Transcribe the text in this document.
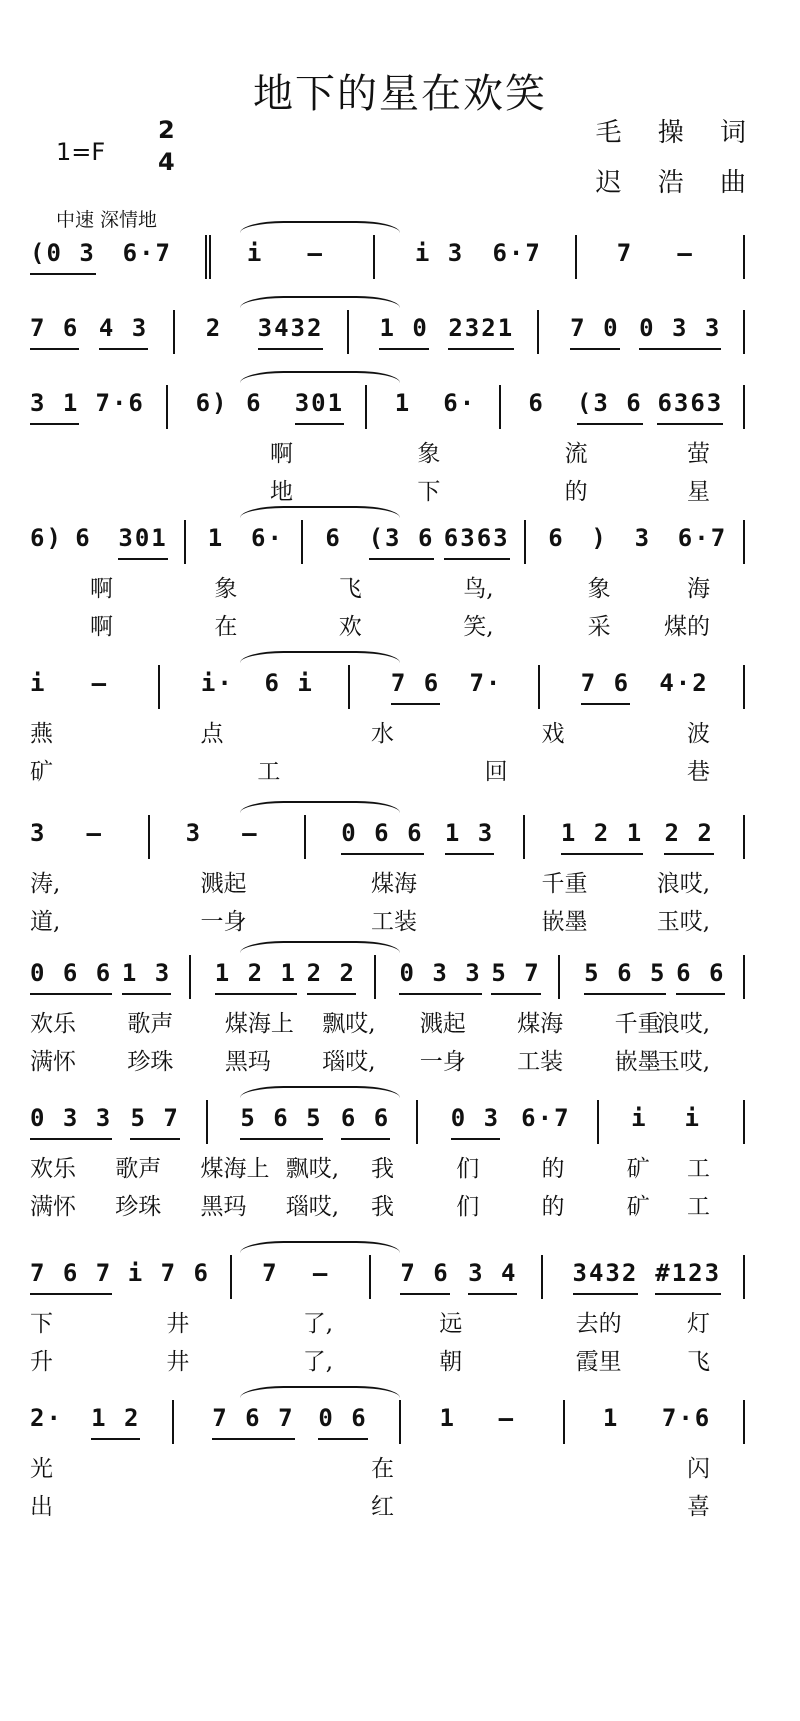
地下的星在欢笑
1=F
2
4
中速 深情地
毛 操 词
迟 浩 曲
(0 3 6·7	i —	i 3 6·7	7 —
7 6 4 3 2 3432 1 0 2321 7 0 0 3 3
3 1 7·6 6) 6 301 1 6· 6 (3 6 6363
啊	象	流	萤
地	下	的	星
6) 6 301 1 6· 6 (3 6 6363 6 ) 3 6·7
啊	象	飞	鸟,	象	海
啊	在	欢	笑,	采 煤的
i —	i· 6 i	7 6 7·	7 6 4·2
燕	点	水	戏	波
矿	工	回	巷
3 —	3 —	0 6 6 1 3	1 2 1 2 2
涛,	溅起	煤海	千重	浪哎,
道,	一身	工装	嵌墨	玉哎,
0 6 6 1 3 1 2 1 2 2 0 3 3 5 7 5 6 5 6 6
欢乐 歌声 煤海上 飘哎, 溅起 煤海 千重
浪哎,
满怀 珍珠 黑玛 瑙哎, 一身 工装 嵌墨
玉哎,
0 3 3 5 7	5 6 5 6 6	0 3 6·7	i i
欢乐 歌声 煤海上 飘哎, 我	们	的	矿 工
满怀 珍珠 黑玛 瑙哎, 我	们	的	矿 工
7 6 7 i 7 6 7 —	7 6 3 4 3432 #123
下	井	了,	远	去的	灯
升	井	了,	朝	霞里	飞
2· 1 2	7 6 7 0 6	1 —	1 7·6
光	在	闪
出	红	喜
